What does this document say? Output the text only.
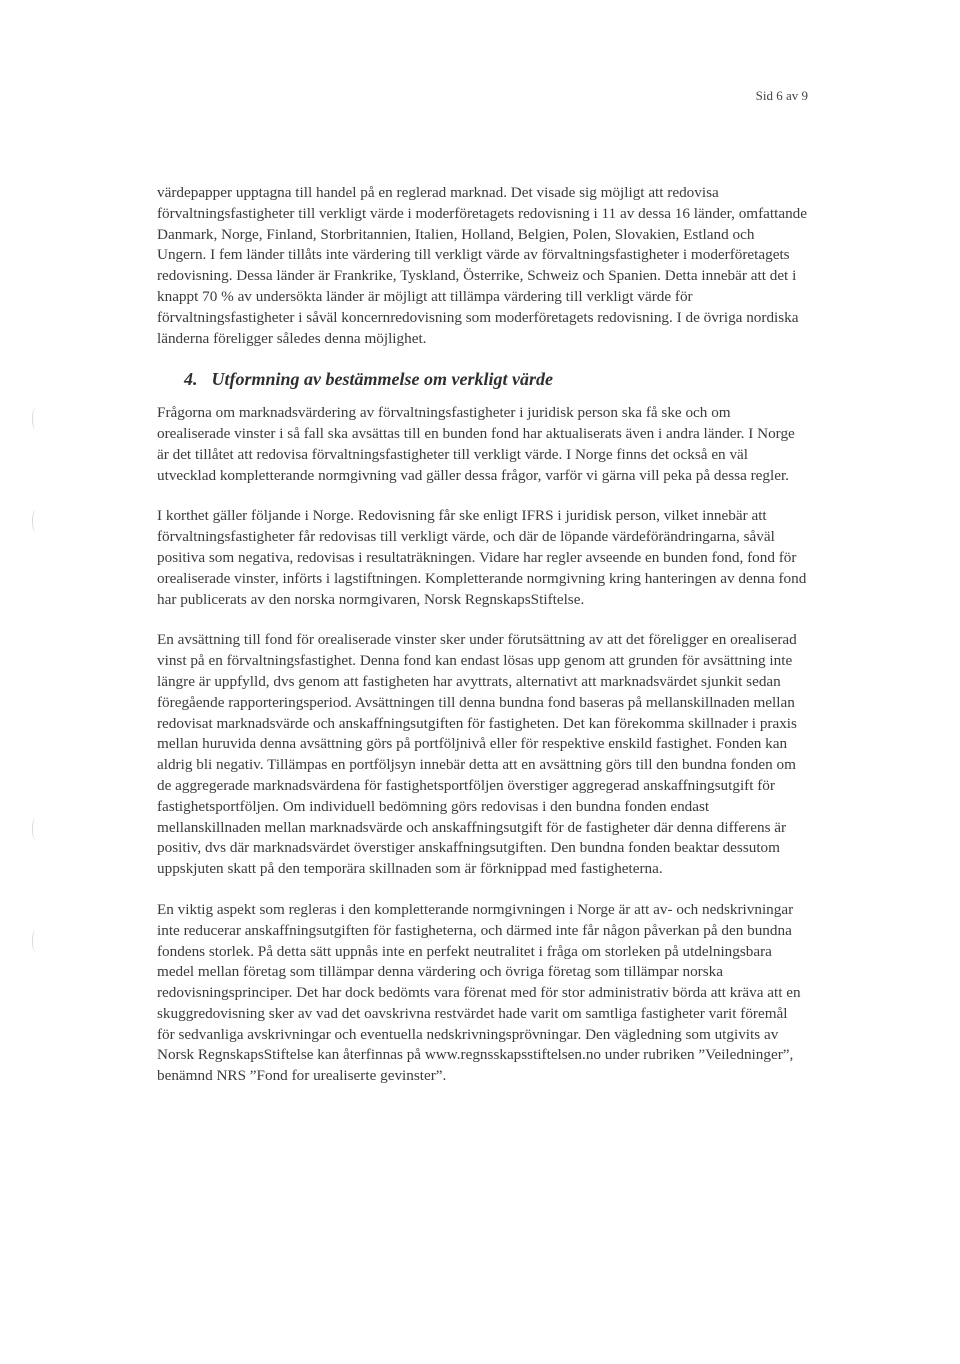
Sid 6 av 9

värdepapper upptagna till handel på en reglerad marknad. Det visade sig möjligt att redovisa förvaltningsfastigheter till verkligt värde i moderföretagets redovisning i 11 av dessa 16 länder, omfattande Danmark, Norge, Finland, Storbritannien, Italien, Holland, Belgien, Polen, Slovakien, Estland och Ungern. I fem länder tillåts inte värdering till verkligt värde av förvaltningsfastigheter i moderföretagets redovisning. Dessa länder är Frankrike, Tyskland, Österrike, Schweiz och Spanien. Detta innebär att det i knappt 70 % av undersökta länder är möjligt att tillämpa värdering till verkligt värde för förvaltningsfastigheter i såväl koncernredovisning som moderföretagets redovisning. I de övriga nordiska länderna föreligger således denna möjlighet.

4. Utformning av bestämmelse om verkligt värde

Frågorna om marknadsvärdering av förvaltningsfastigheter i juridisk person ska få ske och om orealiserade vinster i så fall ska avsättas till en bunden fond har aktualiserats även i andra länder. I Norge är det tillåtet att redovisa förvaltningsfastigheter till verkligt värde. I Norge finns det också en väl utvecklad kompletterande normgivning vad gäller dessa frågor, varför vi gärna vill peka på dessa regler.

I korthet gäller följande i Norge. Redovisning får ske enligt IFRS i juridisk person, vilket innebär att förvaltningsfastigheter får redovisas till verkligt värde, och där de löpande värdeförändringarna, såväl positiva som negativa, redovisas i resultaträkningen. Vidare har regler avseende en bunden fond, fond för orealiserade vinster, införts i lagstiftningen. Kompletterande normgivning kring hanteringen av denna fond har publicerats av den norska normgivaren, Norsk RegnskapsStiftelse.

En avsättning till fond för orealiserade vinster sker under förutsättning av att det föreligger en orealiserad vinst på en förvaltningsfastighet. Denna fond kan endast lösas upp genom att grunden för avsättning inte längre är uppfylld, dvs genom att fastigheten har avyttrats, alternativt att marknadsvärdet sjunkit sedan föregående rapporteringsperiod. Avsättningen till denna bundna fond baseras på mellanskillnaden mellan redovisat marknadsvärde och anskaffningsutgiften för fastigheten. Det kan förekomma skillnader i praxis mellan huruvida denna avsättning görs på portföljnivå eller för respektive enskild fastighet. Fonden kan aldrig bli negativ. Tillämpas en portföljsyn innebär detta att en avsättning görs till den bundna fonden om de aggregerade marknadsvärdena för fastighetsportföljen överstiger aggregerad anskaffningsutgift för fastighetsportföljen. Om individuell bedömning görs redovisas i den bundna fonden endast mellanskillnaden mellan marknadsvärde och anskaffningsutgift för de fastigheter där denna differens är positiv, dvs där marknadsvärdet överstiger anskaffningsutgiften. Den bundna fonden beaktar dessutom uppskjuten skatt på den temporära skillnaden som är förknippad med fastigheterna.

En viktig aspekt som regleras i den kompletterande normgivningen i Norge är att av- och nedskrivningar inte reducerar anskaffningsutgiften för fastigheterna, och därmed inte får någon påverkan på den bundna fondens storlek. På detta sätt uppnås inte en perfekt neutralitet i fråga om storleken på utdelningsbara medel mellan företag som tillämpar denna värdering och övriga företag som tillämpar norska redovisningsprinciper. Det har dock bedömts vara förenat med för stor administrativ börda att kräva att en skuggredovisning sker av vad det oavskrivna restvärdet hade varit om samtliga fastigheter varit föremål för sedvanliga avskrivningar och eventuella nedskrivningsprövningar. Den vägledning som utgivits av Norsk RegnskapsStiftelse kan återfinnas på www.regnsskapsstiftelsen.no under rubriken ”Veiledninger”, benämnd NRS ”Fond for urealiserte gevinster”.
